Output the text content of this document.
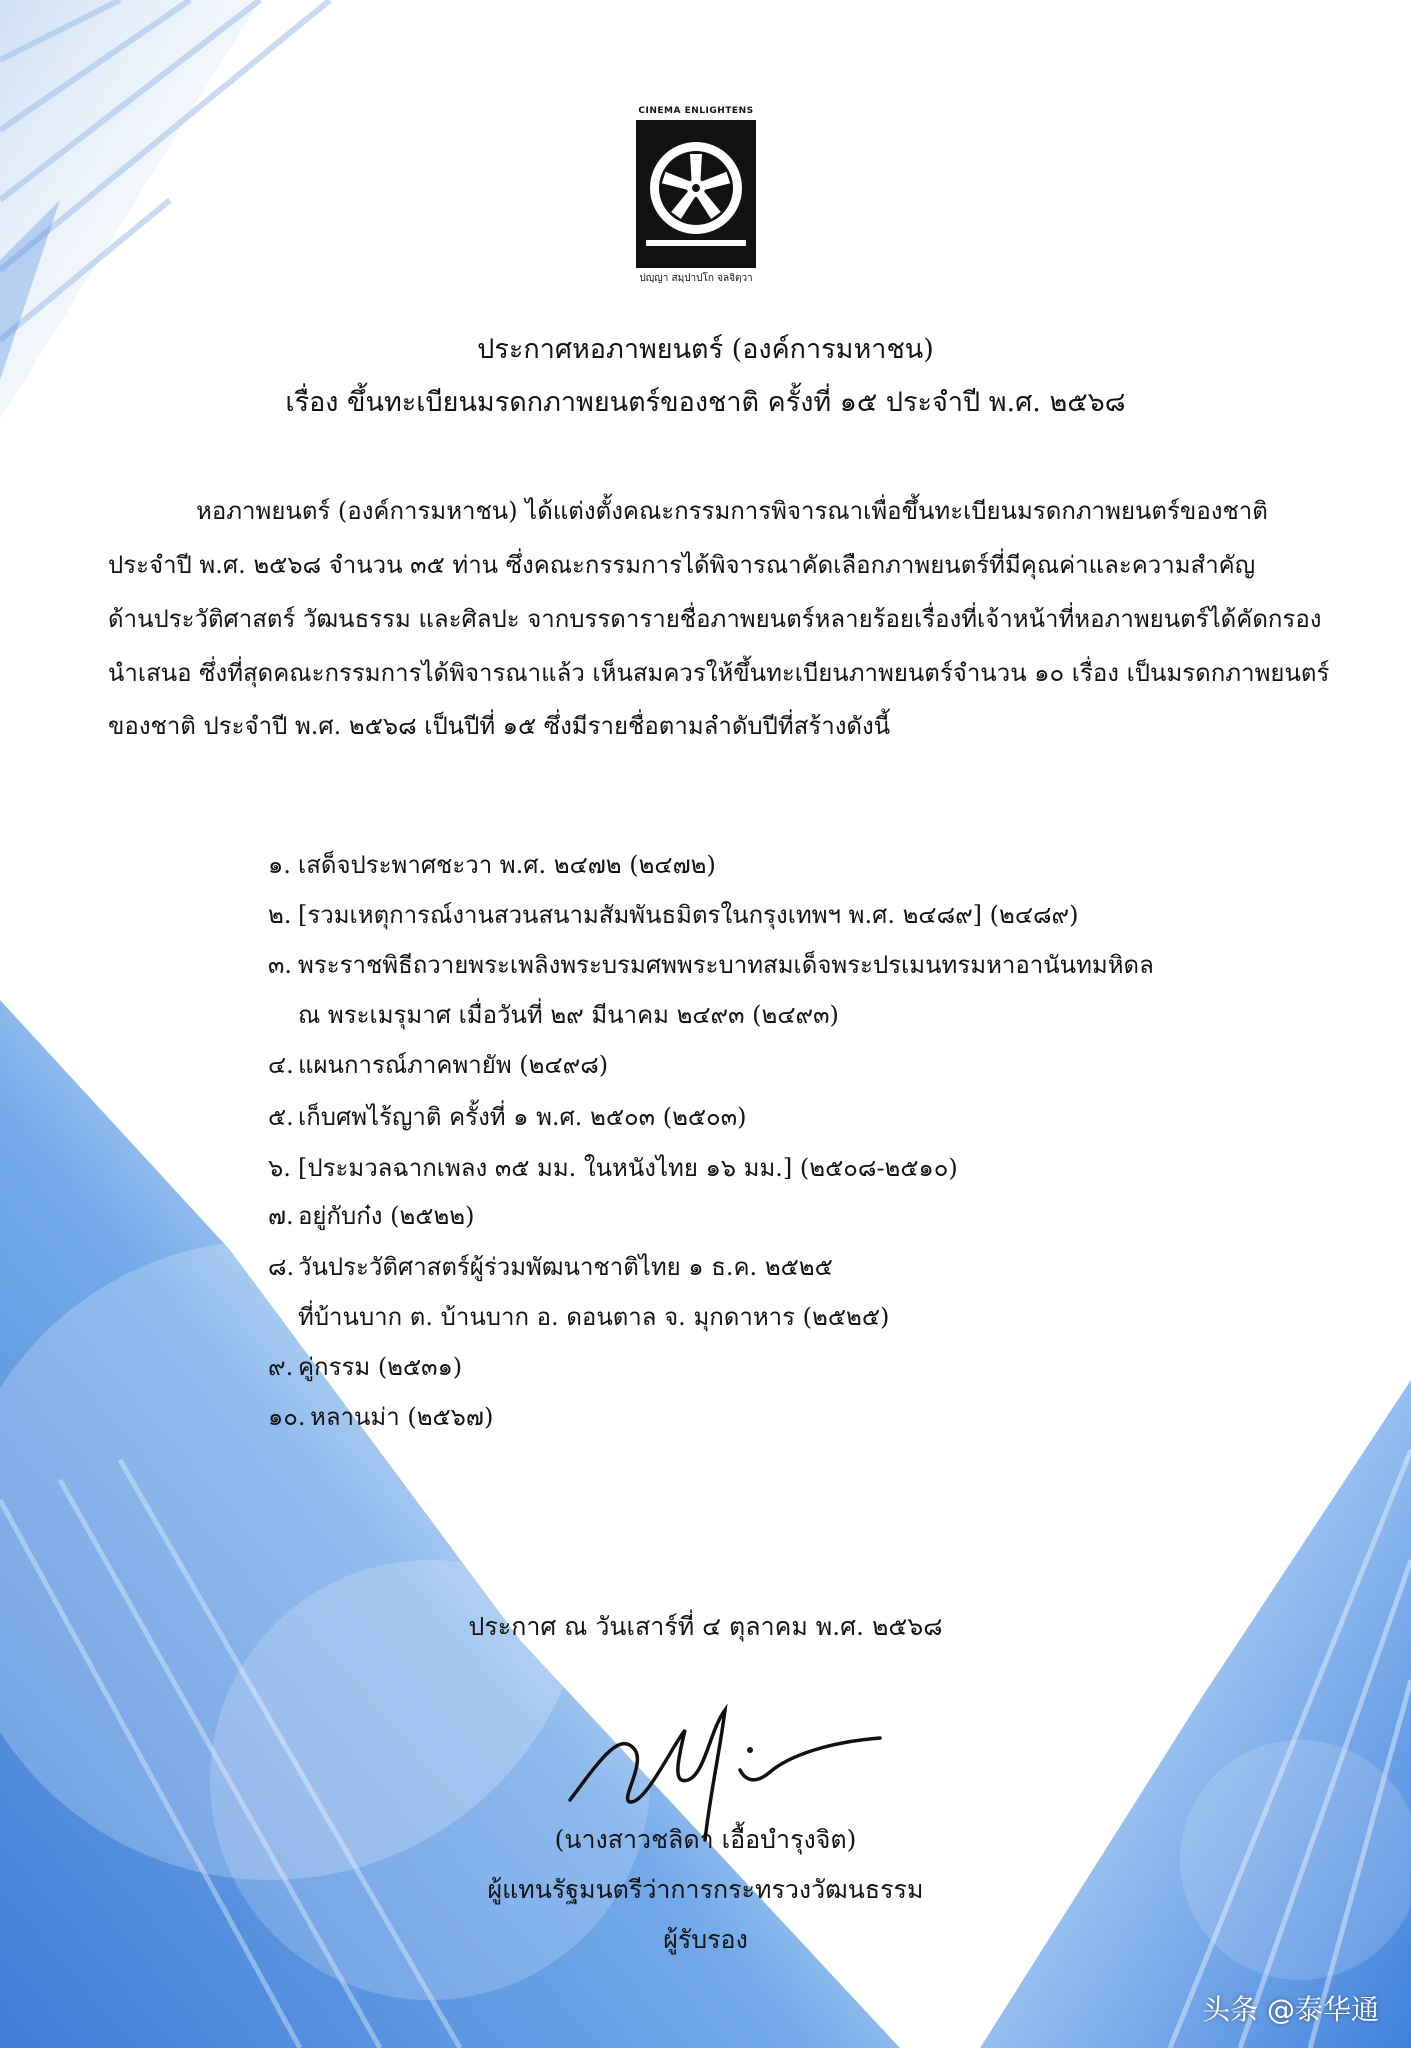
CINEMA ENLIGHTENS
ปญฺญา สมฺปาปโก จลจิตฺวา
ประกาศหอภาพยนตร์ (องค์การมหาชน)
เรื่อง ขึ้นทะเบียนมรดกภาพยนตร์ของชาติ ครั้งที่ ๑๕ ประจำปี พ.ศ. ๒๕๖๘
หอภาพยนตร์ (องค์การมหาชน) ได้แต่งตั้งคณะกรรมการพิจารณาเพื่อขึ้นทะเบียนมรดกภาพยนตร์ของชาติ
ประจำปี พ.ศ. ๒๕๖๘ จำนวน ๓๕ ท่าน ซึ่งคณะกรรมการได้พิจารณาคัดเลือกภาพยนตร์ที่มีคุณค่าและความสำคัญ
ด้านประวัติศาสตร์ วัฒนธรรม และศิลปะ จากบรรดารายชื่อภาพยนตร์หลายร้อยเรื่องที่เจ้าหน้าที่หอภาพยนตร์ได้คัดกรอง
นำเสนอ ซึ่งที่สุดคณะกรรมการได้พิจารณาแล้ว เห็นสมควรให้ขึ้นทะเบียนภาพยนตร์จำนวน ๑๐ เรื่อง เป็นมรดกภาพยนตร์
ของชาติ ประจำปี พ.ศ. ๒๕๖๘ เป็นปีที่ ๑๕ ซึ่งมีรายชื่อตามลำดับปีที่สร้างดังนี้
๑. เสด็จประพาศชะวา พ.ศ. ๒๔๗๒ (๒๔๗๒)
๒. [รวมเหตุการณ์งานสวนสนามสัมพันธมิตรในกรุงเทพฯ พ.ศ. ๒๔๘๙] (๒๔๘๙)
๓. พระราชพิธีถวายพระเพลิงพระบรมศพพระบาทสมเด็จพระปรเมนทรมหาอานันทมหิดล
ณ พระเมรุมาศ เมื่อวันที่ ๒๙ มีนาคม ๒๔๙๓ (๒๔๙๓)
๔. แผนการณ์ภาคพายัพ (๒๔๙๘)
๕. เก็บศพไร้ญาติ ครั้งที่ ๑ พ.ศ. ๒๕๐๓ (๒๕๐๓)
๖. [ประมวลฉากเพลง ๓๕ มม. ในหนังไทย ๑๖ มม.] (๒๕๐๘-๒๕๑๐)
๗. อยู่กับก๋ง (๒๕๒๒)
๘. วันประวัติศาสตร์ผู้ร่วมพัฒนาชาติไทย ๑ ธ.ค. ๒๕๒๕
ที่บ้านบาก ต. บ้านบาก อ. ดอนตาล จ. มุกดาหาร (๒๕๒๕)
๙. คู่กรรม (๒๕๓๑)
๑๐. หลานม่า (๒๕๖๗)
ประกาศ ณ วันเสาร์ที่ ๔ ตุลาคม พ.ศ. ๒๕๖๘
(นางสาวชลิดา เอื้อบำรุงจิต)
ผู้แทนรัฐมนตรีว่าการกระทรวงวัฒนธรรม
ผู้รับรอง
头条 @泰华通
